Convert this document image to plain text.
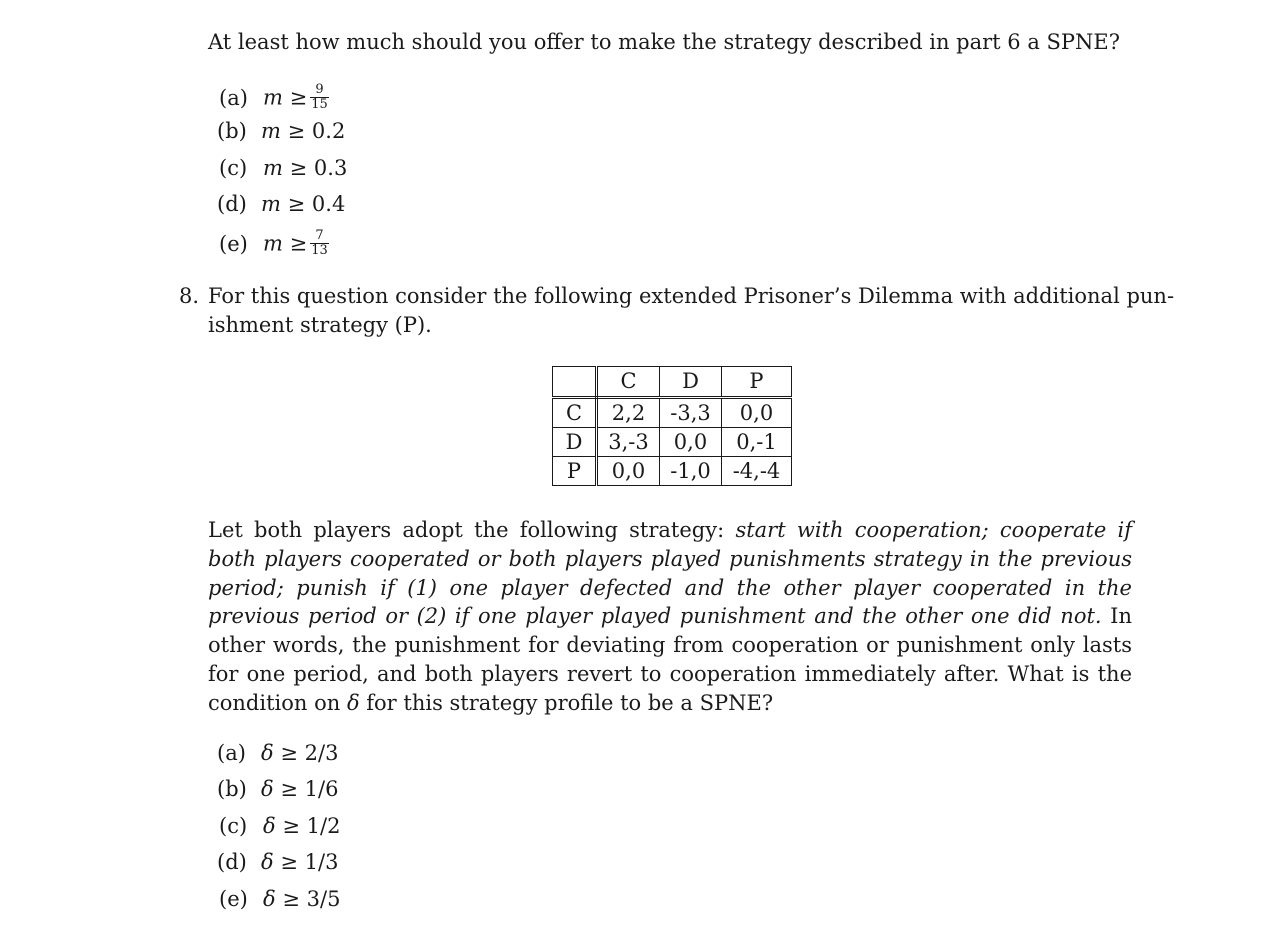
At least how much should you offer to make the strategy described in part 6 a SPNE?
(a) $m \ge \frac{9}{15}$
(b) m ≥ 0.2
(c) m ≥ 0.3
(d) m ≥ 0.4
(e) $m \ge \frac{7}{13}$
8. For this question consider the following extended Prisoner’s Dilemma with additional pun-
ishment strategy (P).
	C	D	P
C	2,2	-3,3	0,0
D	3,-3	0,0	0,-1
P	0,0	-1,0	-4,-4
Let both players adopt the following strategy: start with cooperation; cooperate if both players cooperated or both players played punishments strategy in the previous period; punish if (1) one player defected and the other player cooperated in the previous period or (2) if one player played punishment and the other one did not. In other words, the punishment for deviating from cooperation or punishment only lasts for one period, and both players revert to cooperation immediately after. What is the condition on δ for this strategy profile to be a SPNE?
(a) δ ≥ 2/3
(b) δ ≥ 1/6
(c) δ ≥ 1/2
(d) δ ≥ 1/3
(e) δ ≥ 3/5
